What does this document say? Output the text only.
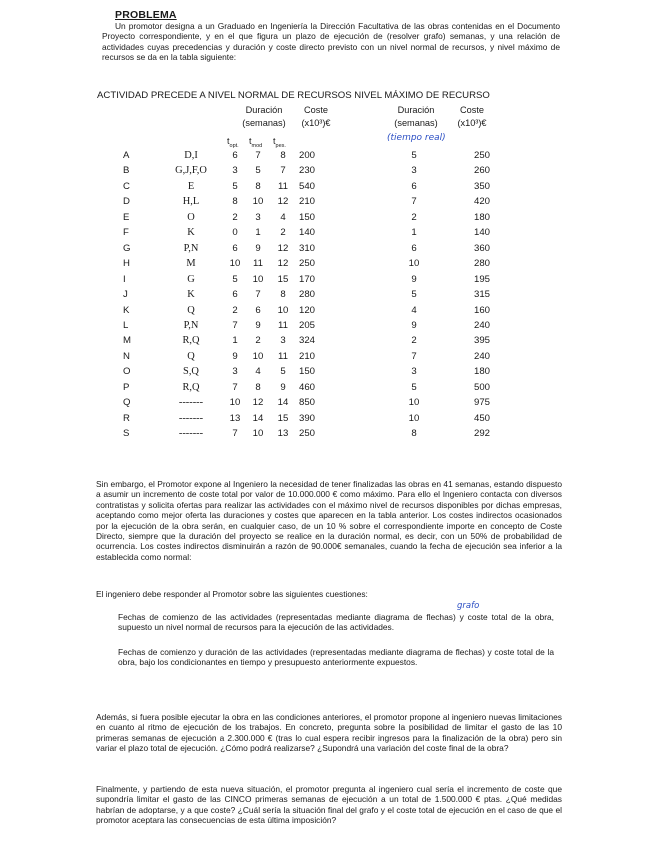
PROBLEMA
Un promotor designa a un Graduado en Ingeniería la Dirección Facultativa de las obras contenidas en el Documento Proyecto correspondiente, y en el que figura un plazo de ejecución de (resolver grafo) semanas, y una relación de actividades cuyas precedencias y duración y coste directo previsto con un nivel normal de recursos, y nivel máximo de recursos se da en la tabla siguiente:
ACTIVIDAD PRECEDE A NIVEL NORMAL DE RECURSOS NIVEL MÁXIMO DE RECURSO
Duración
(semanas)
Coste
(x10³)€
Duración
(semanas)
Coste
(x10³)€
$t_{opt.}$ $t_{mod}$ $t_{pes.}$
(tiempo real)
A	D,I	6	7	8	200	5	250
B	G,J,F,O	3	5	7	230	3	260
C	E	5	8	11	540	6	350
D	H,L	8	10	12	210	7	420
E	O	2	3	4	150	2	180
F	K	0	1	2	140	1	140
G	P,N	6	9	12	310	6	360
H	M	10	11	12	250	10	280
I	G	5	10	15	170	9	195
J	K	6	7	8	280	5	315
K	Q	2	6	10	120	4	160
L	P,N	7	9	11	205	9	240
M	R,Q	1	2	3	324	2	395
N	Q	9	10	11	210	7	240
O	S,Q	3	4	5	150	3	180
P	R,Q	7	8	9	460	5	500
Q	-------	10	12	14	850	10	975
R	-------	13	14	15	390	10	450
S	-------	7	10	13	250	8	292
Sin embargo, el Promotor expone al Ingeniero la necesidad de tener finalizadas las obras en 41 semanas, estando dispuesto a asumir un incremento de coste total por valor de 10.000.000 € como máximo. Para ello el Ingeniero contacta con diversos contratistas y solicita ofertas para realizar las actividades con el máximo nivel de recursos disponibles por dichas empresas, aceptando como mejor oferta las duraciones y costes que aparecen en la tabla anterior. Los costes indirectos ocasionados por la ejecución de la obra serán, en cualquier caso, de un 10 % sobre el correspondiente importe en concepto de Coste Directo, siempre que la duración del proyecto se realice en la duración normal, es decir, con un 50% de probabilidad de ocurrencia. Los costes indirectos disminuirán a razón de 90.000€ semanales, cuando la fecha de ejecución sea inferior a la establecida como normal:
El ingeniero debe responder al Promotor sobre las siguientes cuestiones:
grafo
Fechas de comienzo de las actividades (representadas mediante diagrama de flechas) y coste total de la obra, supuesto un nivel normal de recursos para la ejecución de las actividades.
Fechas de comienzo y duración de las actividades (representadas mediante diagrama de flechas) y coste total de la obra, bajo los condicionantes en tiempo y presupuesto anteriormente expuestos.
Además, si fuera posible ejecutar la obra en las condiciones anteriores, el promotor propone al ingeniero nuevas limitaciones en cuanto al ritmo de ejecución de los trabajos. En concreto, pregunta sobre la posibilidad de limitar el gasto de las 10 primeras semanas de ejecución a 2.300.000 € (tras lo cual espera recibir ingresos para la finalización de la obra) pero sin variar el plazo total de ejecución. ¿Cómo podrá realizarse? ¿Supondrá una variación del coste final de la obra?
Finalmente, y partiendo de esta nueva situación, el promotor pregunta al ingeniero cual sería el incremento de coste que supondría limitar el gasto de las CINCO primeras semanas de ejecución a un total de 1.500.000 € ptas. ¿Qué medidas habrían de adoptarse, y a que coste? ¿Cuál sería la situación final del grafo y el coste total de ejecución en el caso de que el promotor aceptara las consecuencias de esta última imposición?
